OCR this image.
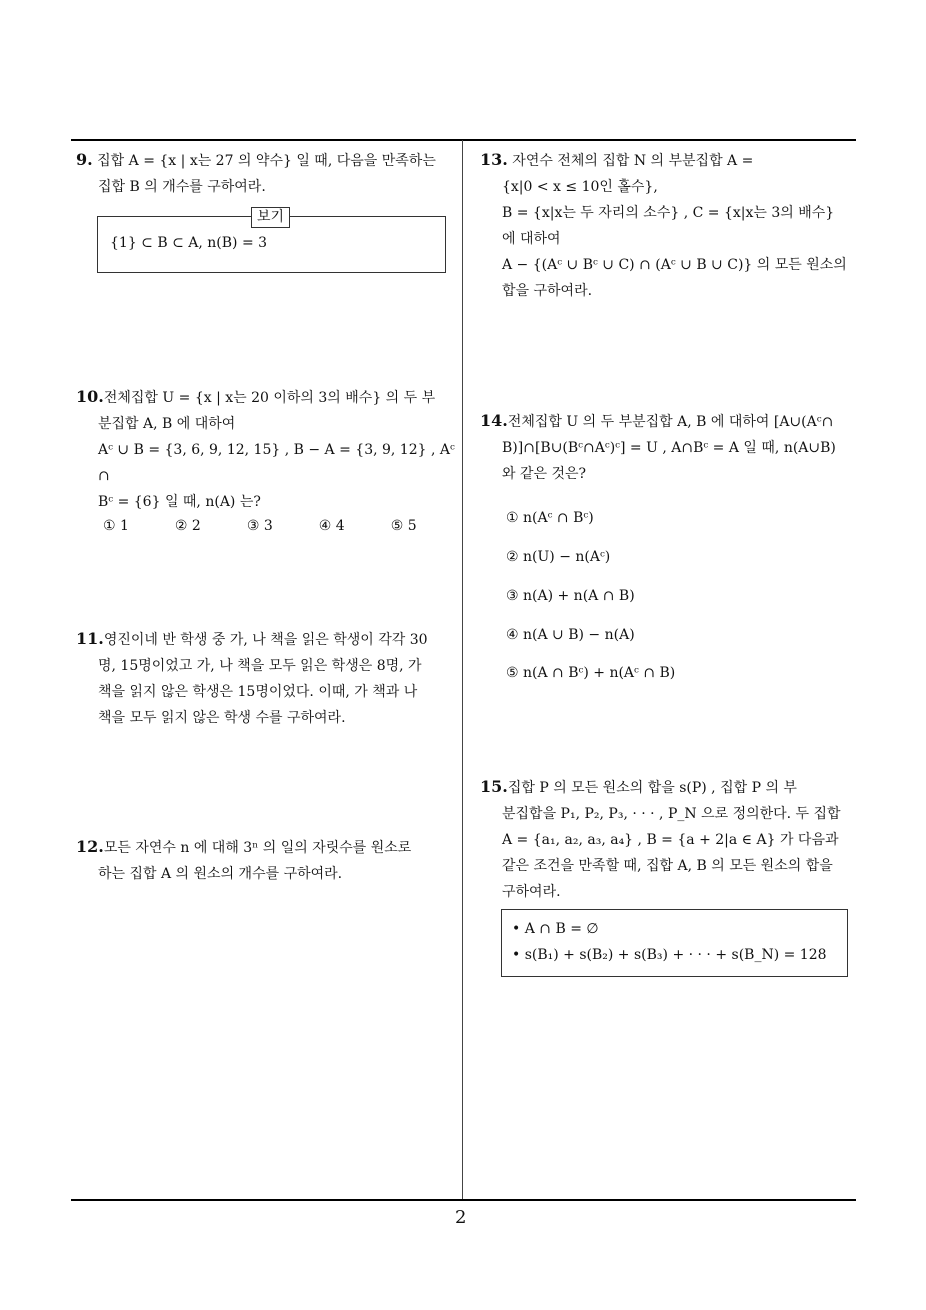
9. 집합 A = {x | x는 27 의 약수} 일 때, 다음을 만족하는
집합 B 의 개수를 구하여라.
보기
{1} ⊂ B ⊂ A, n(B) = 3
10.전체집합 U = {x | x는 20 이하의 3의 배수} 의 두 부
분집합 A, B 에 대하여
Aᶜ ∪ B = {3, 6, 9, 12, 15} , B − A = {3, 9, 12} , Aᶜ ∩
Bᶜ = {6} 일 때, n(A) 는?
① 1	② 2	③ 3	④ 4	⑤ 5
11.영진이네 반 학생 중 가, 나 책을 읽은 학생이 각각 30
명, 15명이었고 가, 나 책을 모두 읽은 학생은 8명, 가
책을 읽지 않은 학생은 15명이었다. 이때, 가 책과 나
책을 모두 읽지 않은 학생 수를 구하여라.
12.모든 자연수 n 에 대해 3ⁿ 의 일의 자릿수를 원소로
하는 집합 A 의 원소의 개수를 구하여라.
13. 자연수 전체의 집합 N 의 부분집합 A =
{x|0 < x ≤ 10인 홀수},
B = {x|x는 두 자리의 소수} , C = {x|x는 3의 배수}
에 대하여
A − {(Aᶜ ∪ Bᶜ ∪ C) ∩ (Aᶜ ∪ B ∪ C)} 의 모든 원소의
합을 구하여라.
14.전체집합 U 의 두 부분집합 A, B 에 대하여 [A∪(Aᶜ∩
B)]∩[B∪(Bᶜ∩Aᶜ)ᶜ] = U , A∩Bᶜ = A 일 때, n(A∪B)
와 같은 것은?
① n(Aᶜ ∩ Bᶜ)
② n(U) − n(Aᶜ)
③ n(A) + n(A ∩ B)
④ n(A ∪ B) − n(A)
⑤ n(A ∩ Bᶜ) + n(Aᶜ ∩ B)
15.집합 P 의 모든 원소의 합을 s(P) , 집합 P 의 부
분집합을 P₁, P₂, P₃, · · · , P_N 으로 정의한다. 두 집합
A = {a₁, a₂, a₃, a₄} , B = {a + 2|a ∈ A} 가 다음과
같은 조건을 만족할 때, 집합 A, B 의 모든 원소의 합을
구하여라.
• A ∩ B = ∅
• s(B₁) + s(B₂) + s(B₃) + · · · + s(B_N) = 128
2
